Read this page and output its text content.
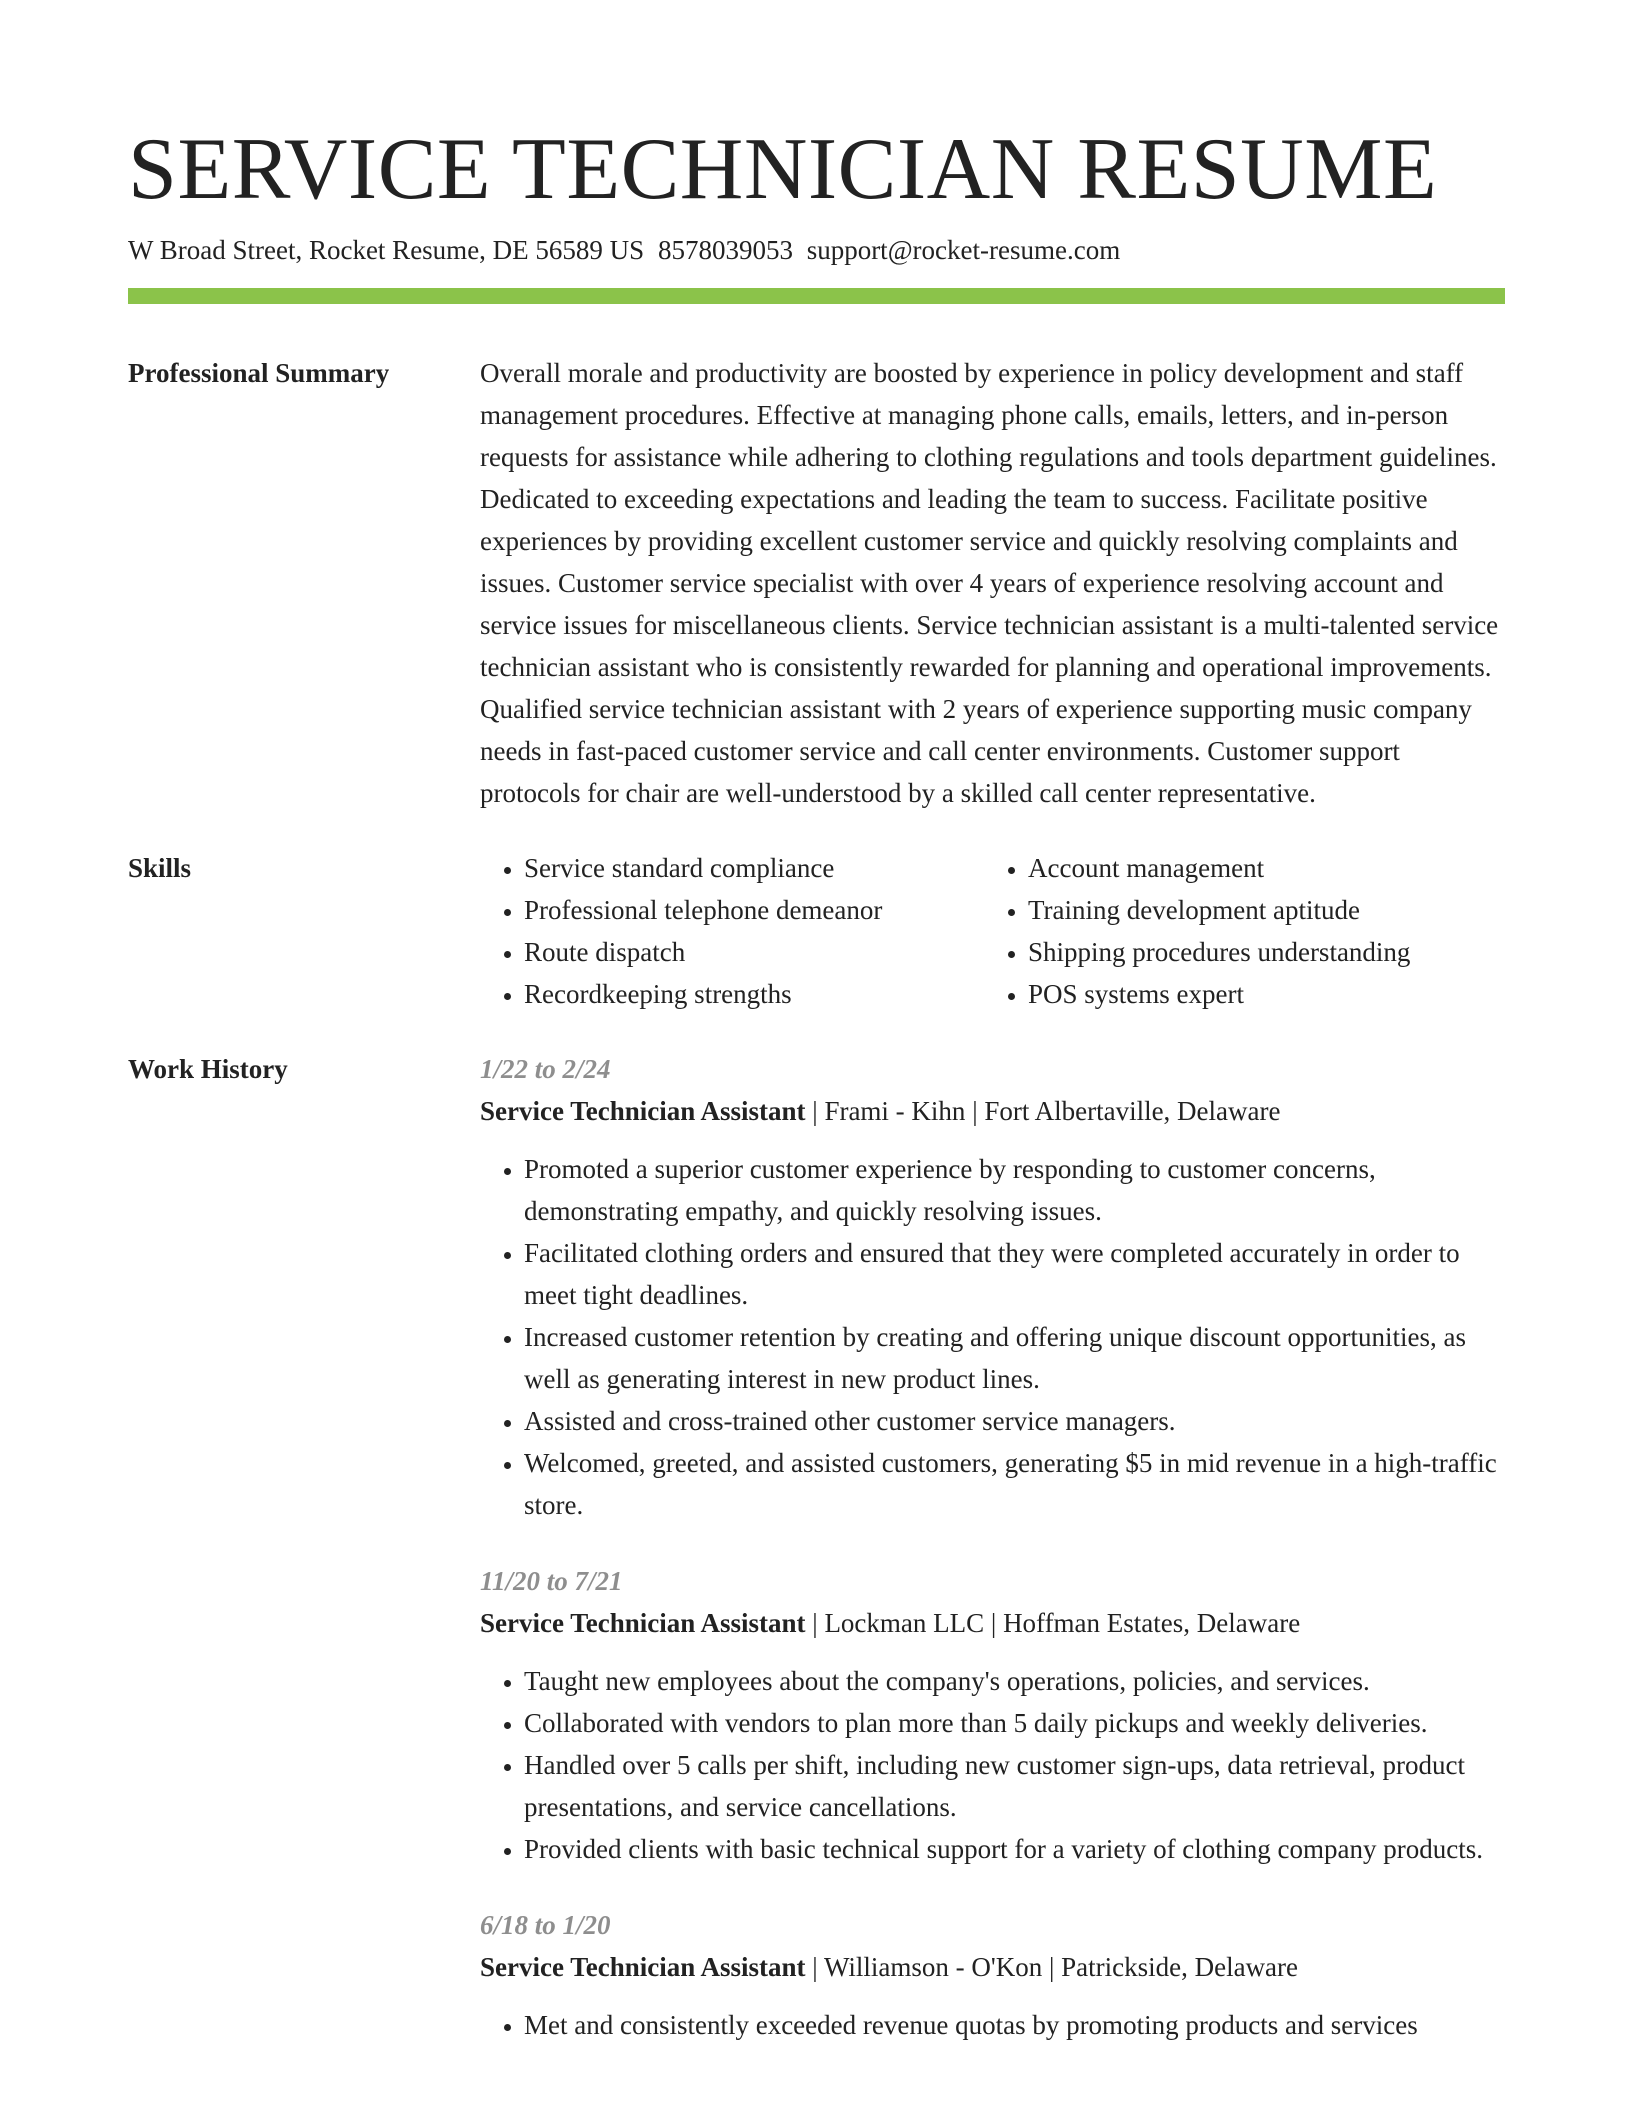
SERVICE TECHNICIAN RESUME
W Broad Street, Rocket Resume, DE 56589 US 8578039053 support@rocket-resume.com
Professional Summary	Overall morale and productivity are boosted by experience in policy development and staff management procedures. Effective at managing phone calls, emails, letters, and in-person requests for assistance while adhering to clothing regulations and tools department guidelines. Dedicated to exceeding expectations and leading the team to success. Facilitate positive experiences by providing excellent customer service and quickly resolving complaints and issues. Customer service specialist with over 4 years of experience resolving account and service issues for miscellaneous clients. Service technician assistant is a multi-talented service technician assistant who is consistently rewarded for planning and operational improvements. Qualified service technician assistant with 2 years of experience supporting music company needs in fast-paced customer service and call center environments. Customer support protocols for chair are well-understood by a skilled call center representative.
Skills
•	Service standard compliance
• Professional telephone demeanor
• Route dispatch
• Recordkeeping strengths
• Account management
• Training development aptitude
• Shipping procedures understanding
• POS systems expert
Work History	1/22 to 2/24
Service Technician Assistant | Frami - Kihn | Fort Albertaville, Delaware
• Promoted a superior customer experience by responding to customer concerns, demonstrating empathy, and quickly resolving issues.
• Facilitated clothing orders and ensured that they were completed accurately in order to meet tight deadlines.
• Increased customer retention by creating and offering unique discount opportunities, as well as generating interest in new product lines.
• Assisted and cross-trained other customer service managers.
• Welcomed, greeted, and assisted customers, generating $5 in mid revenue in a high-traffic store.
11/20 to 7/21
Service Technician Assistant | Lockman LLC | Hoffman Estates, Delaware
• Taught new employees about the company's operations, policies, and services.
• Collaborated with vendors to plan more than 5 daily pickups and weekly deliveries.
• Handled over 5 calls per shift, including new customer sign-ups, data retrieval, product presentations, and service cancellations.
• Provided clients with basic technical support for a variety of clothing company products.
6/18 to 1/20
Service Technician Assistant | Williamson - O'Kon | Patrickside, Delaware
• Met and consistently exceeded revenue quotas by promoting products and services
